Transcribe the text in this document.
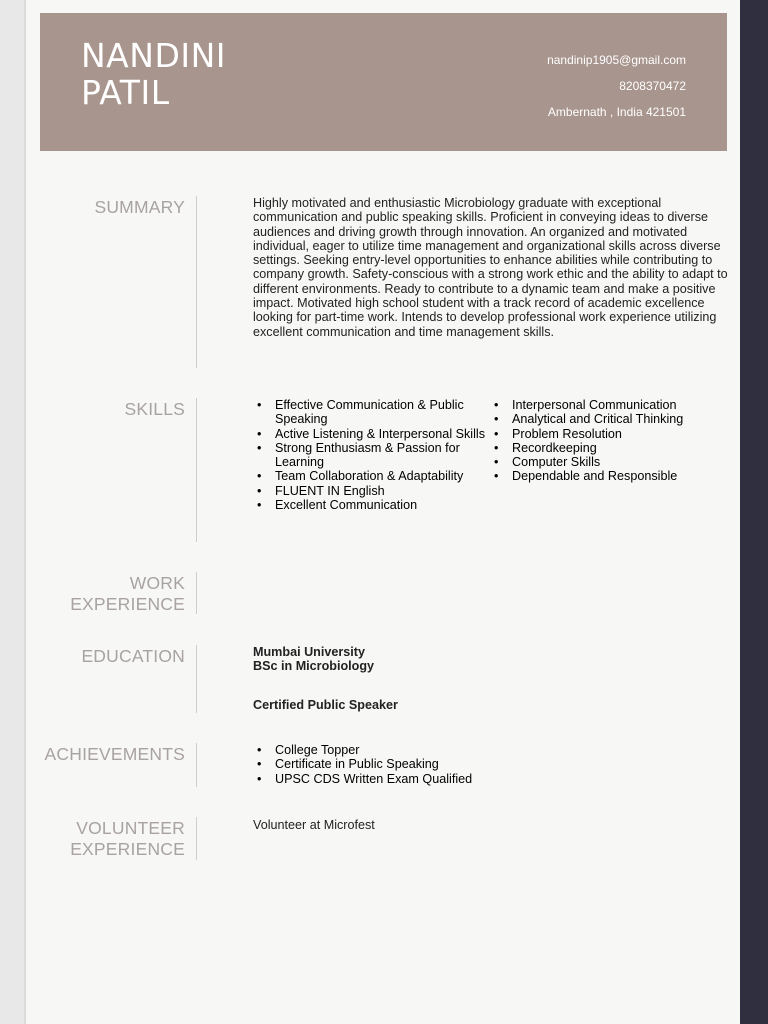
NANDINI
PATIL
nandinip1905@gmail.com
8208370472
Ambernath , India 421501
SUMMARY	Highly motivated and enthusiastic Microbiology graduate with exceptional communication and public speaking skills. Proficient in conveying ideas to diverse audiences and driving growth through innovation. An organized and motivated individual, eager to utilize time management and organizational skills across diverse settings. Seeking entry-level opportunities to enhance abilities while contributing to company growth. Safety-conscious with a strong work ethic and the ability to adapt to different environments. Ready to contribute to a dynamic team and make a positive impact. Motivated high school student with a track record of academic excellence looking for part-time work. Intends to develop professional work experience utilizing excellent communication and time management skills.
SKILLS	• Effective Communication & Public Speaking
• Active Listening & Interpersonal Skills
• Strong Enthusiasm & Passion for Learning
• Team Collaboration & Adaptability
• FLUENT IN English
• Excellent Communication
• Interpersonal Communication
• Analytical and Critical Thinking
• Problem Resolution
• Recordkeeping
• Computer Skills
• Dependable and Responsible
WORK
EXPERIENCE
EDUCATION	Mumbai University
BSc in Microbiology
Certified Public Speaker
ACHIEVEMENTS	• College Topper
• Certificate in Public Speaking
• UPSC CDS Written Exam Qualified
VOLUNTEER
EXPERIENCE
Volunteer at Microfest
